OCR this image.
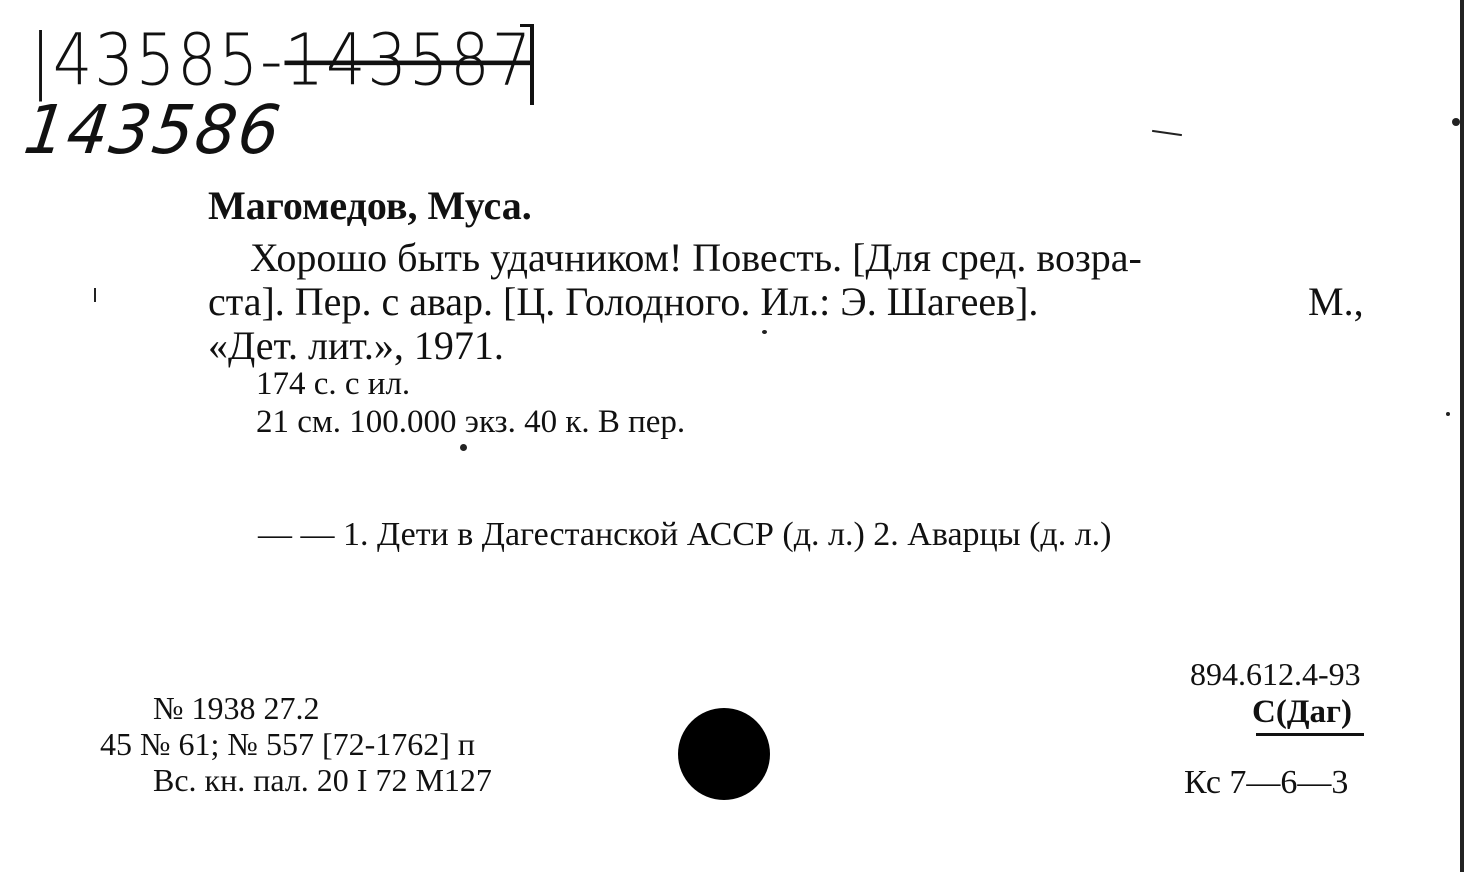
|43585-143587
143586
Магомедов, Муса.
Хорошо быть удачником! Повесть. [Для сред. возра-
ста]. Пер. с авар. [Ц. Голодного. Ил.: Э. Шагеев].	М.,
«Дет. лит.», 1971.
174 с. с ил.
21 см. 100.000 экз. 40 к. В пер.
— — 1. Дети в Дагестанской АССР (д. л.) 2. Аварцы (д. л.)
№ 1938 27.2
45 № 61; № 557 [72-1762] п
Вс. кн. пал. 20 I 72 М127
894.612.4-93
С(Даг)
Кс 7—6—3
